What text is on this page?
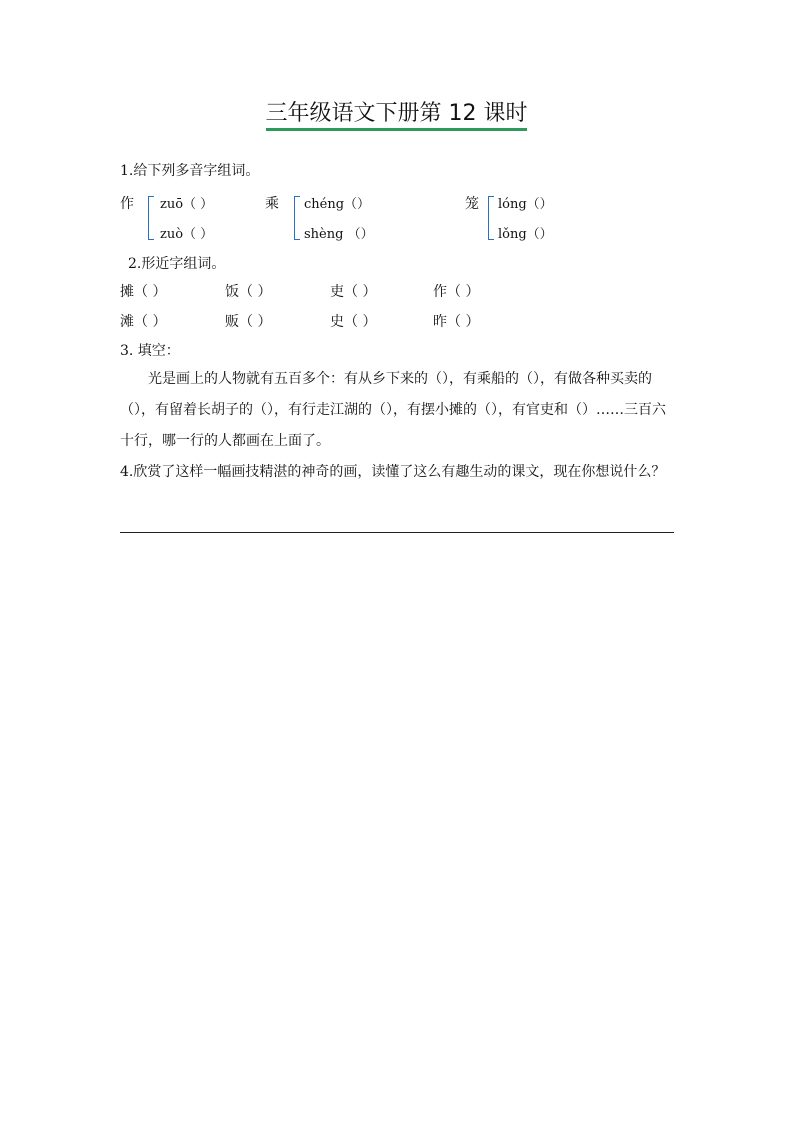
三年级语文下册第 12 课时
1.给下列多音字组词。
作 zuō（ ）
zuò（ ）
乘 chéng（）
shèng （）
笼 lóng（）
lǒng（）
2.形近字组词。
摊（ ）	饭（ ）	吏（ ）	作（ ）
滩（ ）	贩（ ）	史（ ）	昨（ ）
3. 填空：
光是画上的人物就有五百多个：有从乡下来的（），有乘船的（），有做各种买卖的（），有留着长胡子的（），有行走江湖的（），有摆小摊的（），有官吏和（）……三百六十行，哪一行的人都画在上面了。
4.欣赏了这样一幅画技精湛的神奇的画，读懂了这么有趣生动的课文，现在你想说什么？
